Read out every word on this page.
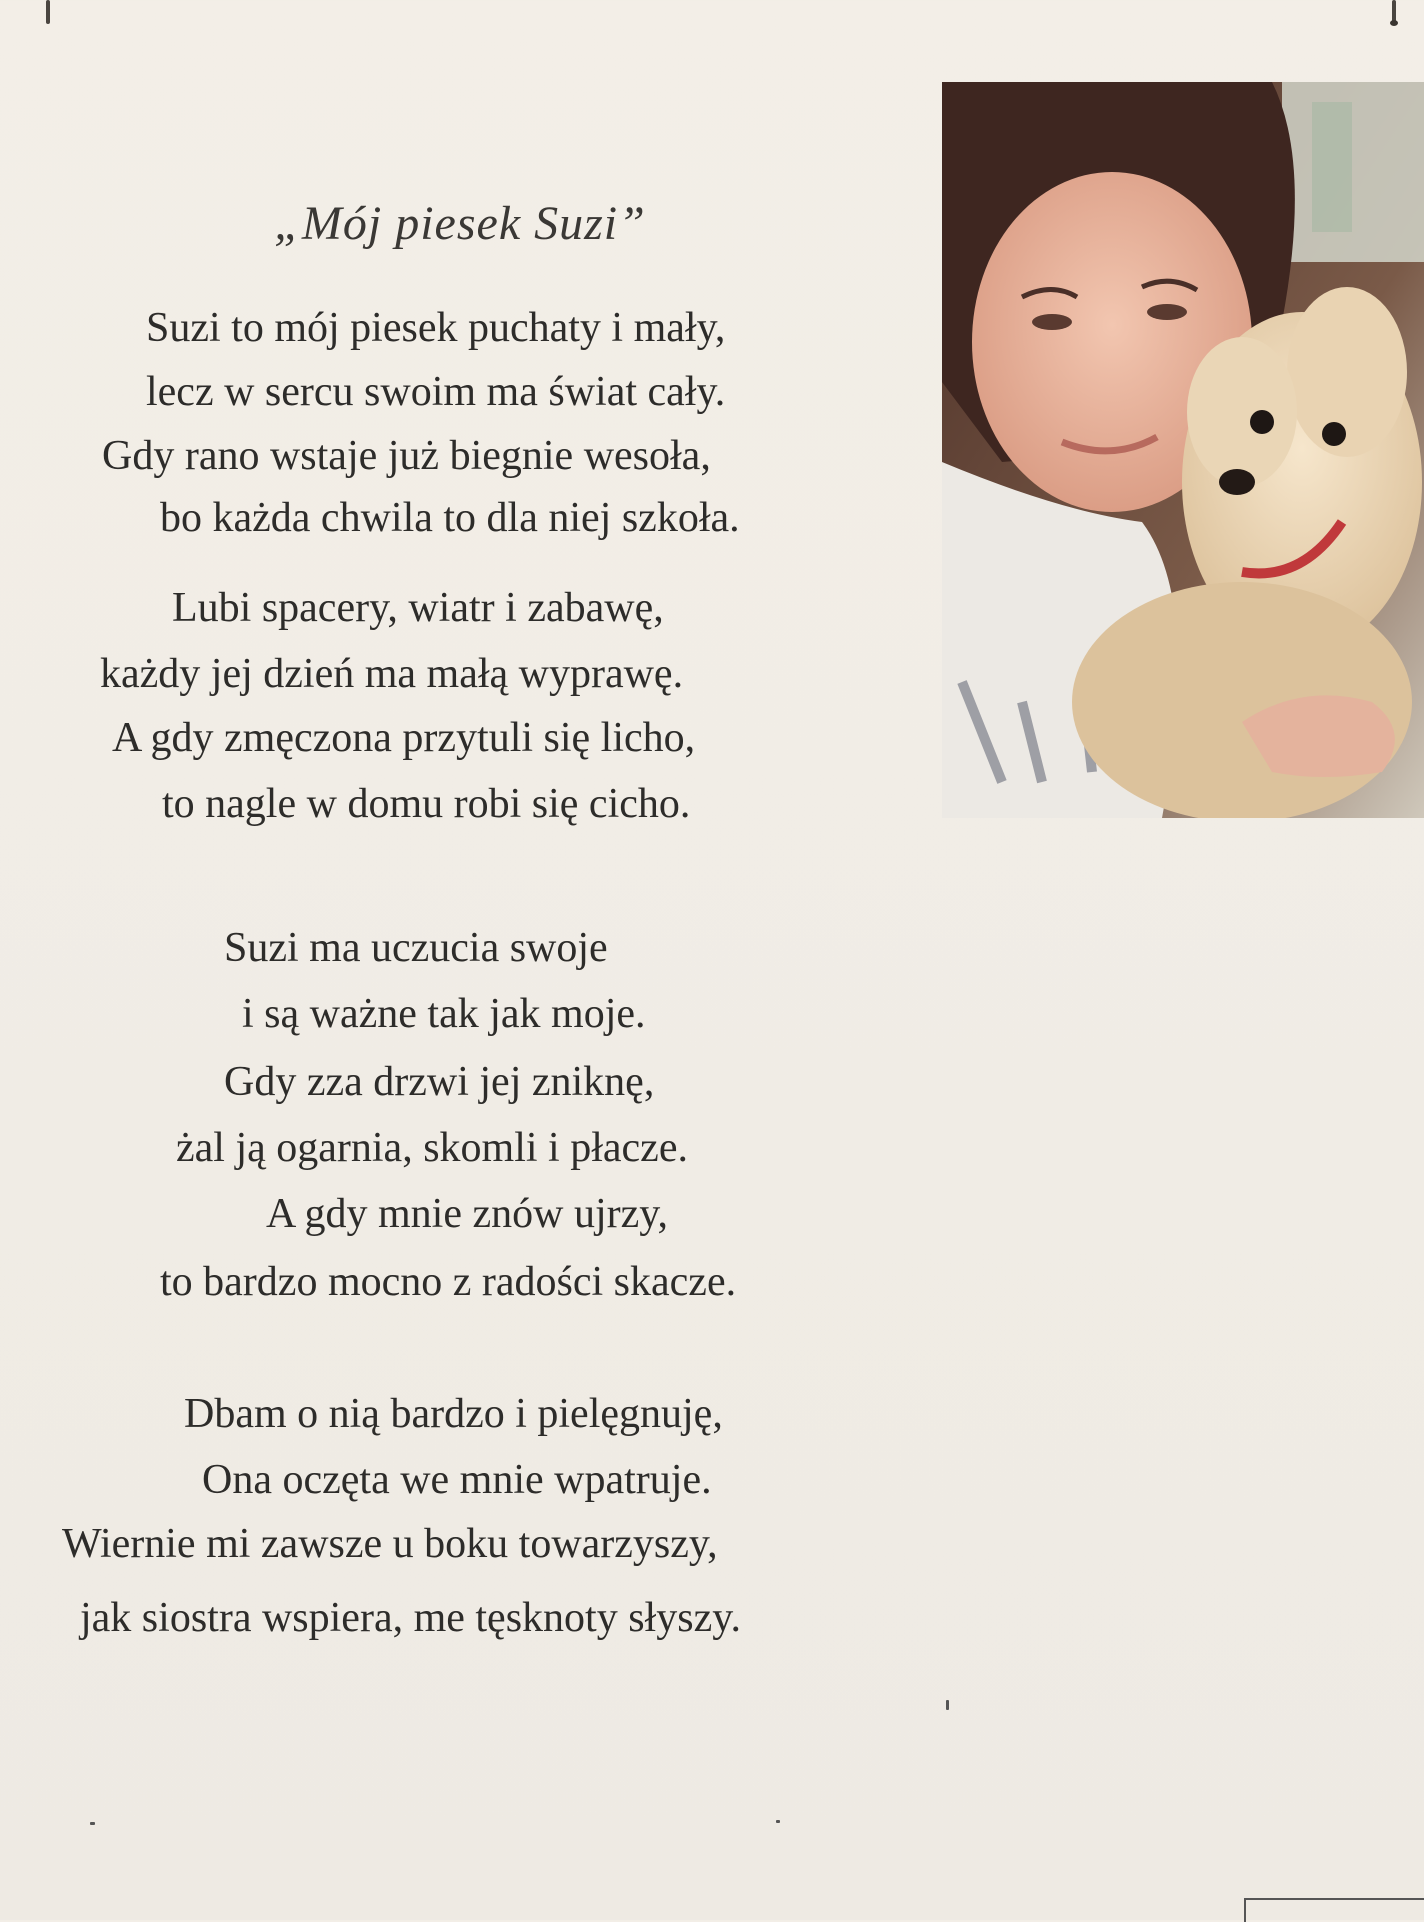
„Mój piesek Suzi”
Suzi to mój piesek puchaty i mały,
lecz w sercu swoim ma świat cały.
Gdy rano wstaje już biegnie wesoła,
bo każda chwila to dla niej szkoła.
Lubi spacery, wiatr i zabawę,
każdy jej dzień ma małą wyprawę.
A gdy zmęczona przytuli się licho,
to nagle w domu robi się cicho.
Suzi ma uczucia swoje
i są ważne tak jak moje.
Gdy zza drzwi jej zniknę,
żal ją ogarnia, skomli i płacze.
A gdy mnie znów ujrzy,
to bardzo mocno z radości skacze.
Dbam o nią bardzo i pielęgnuję,
Ona oczęta we mnie wpatruje.
Wiernie mi zawsze u boku towarzyszy,
jak siostra wspiera, me tęsknoty słyszy.
